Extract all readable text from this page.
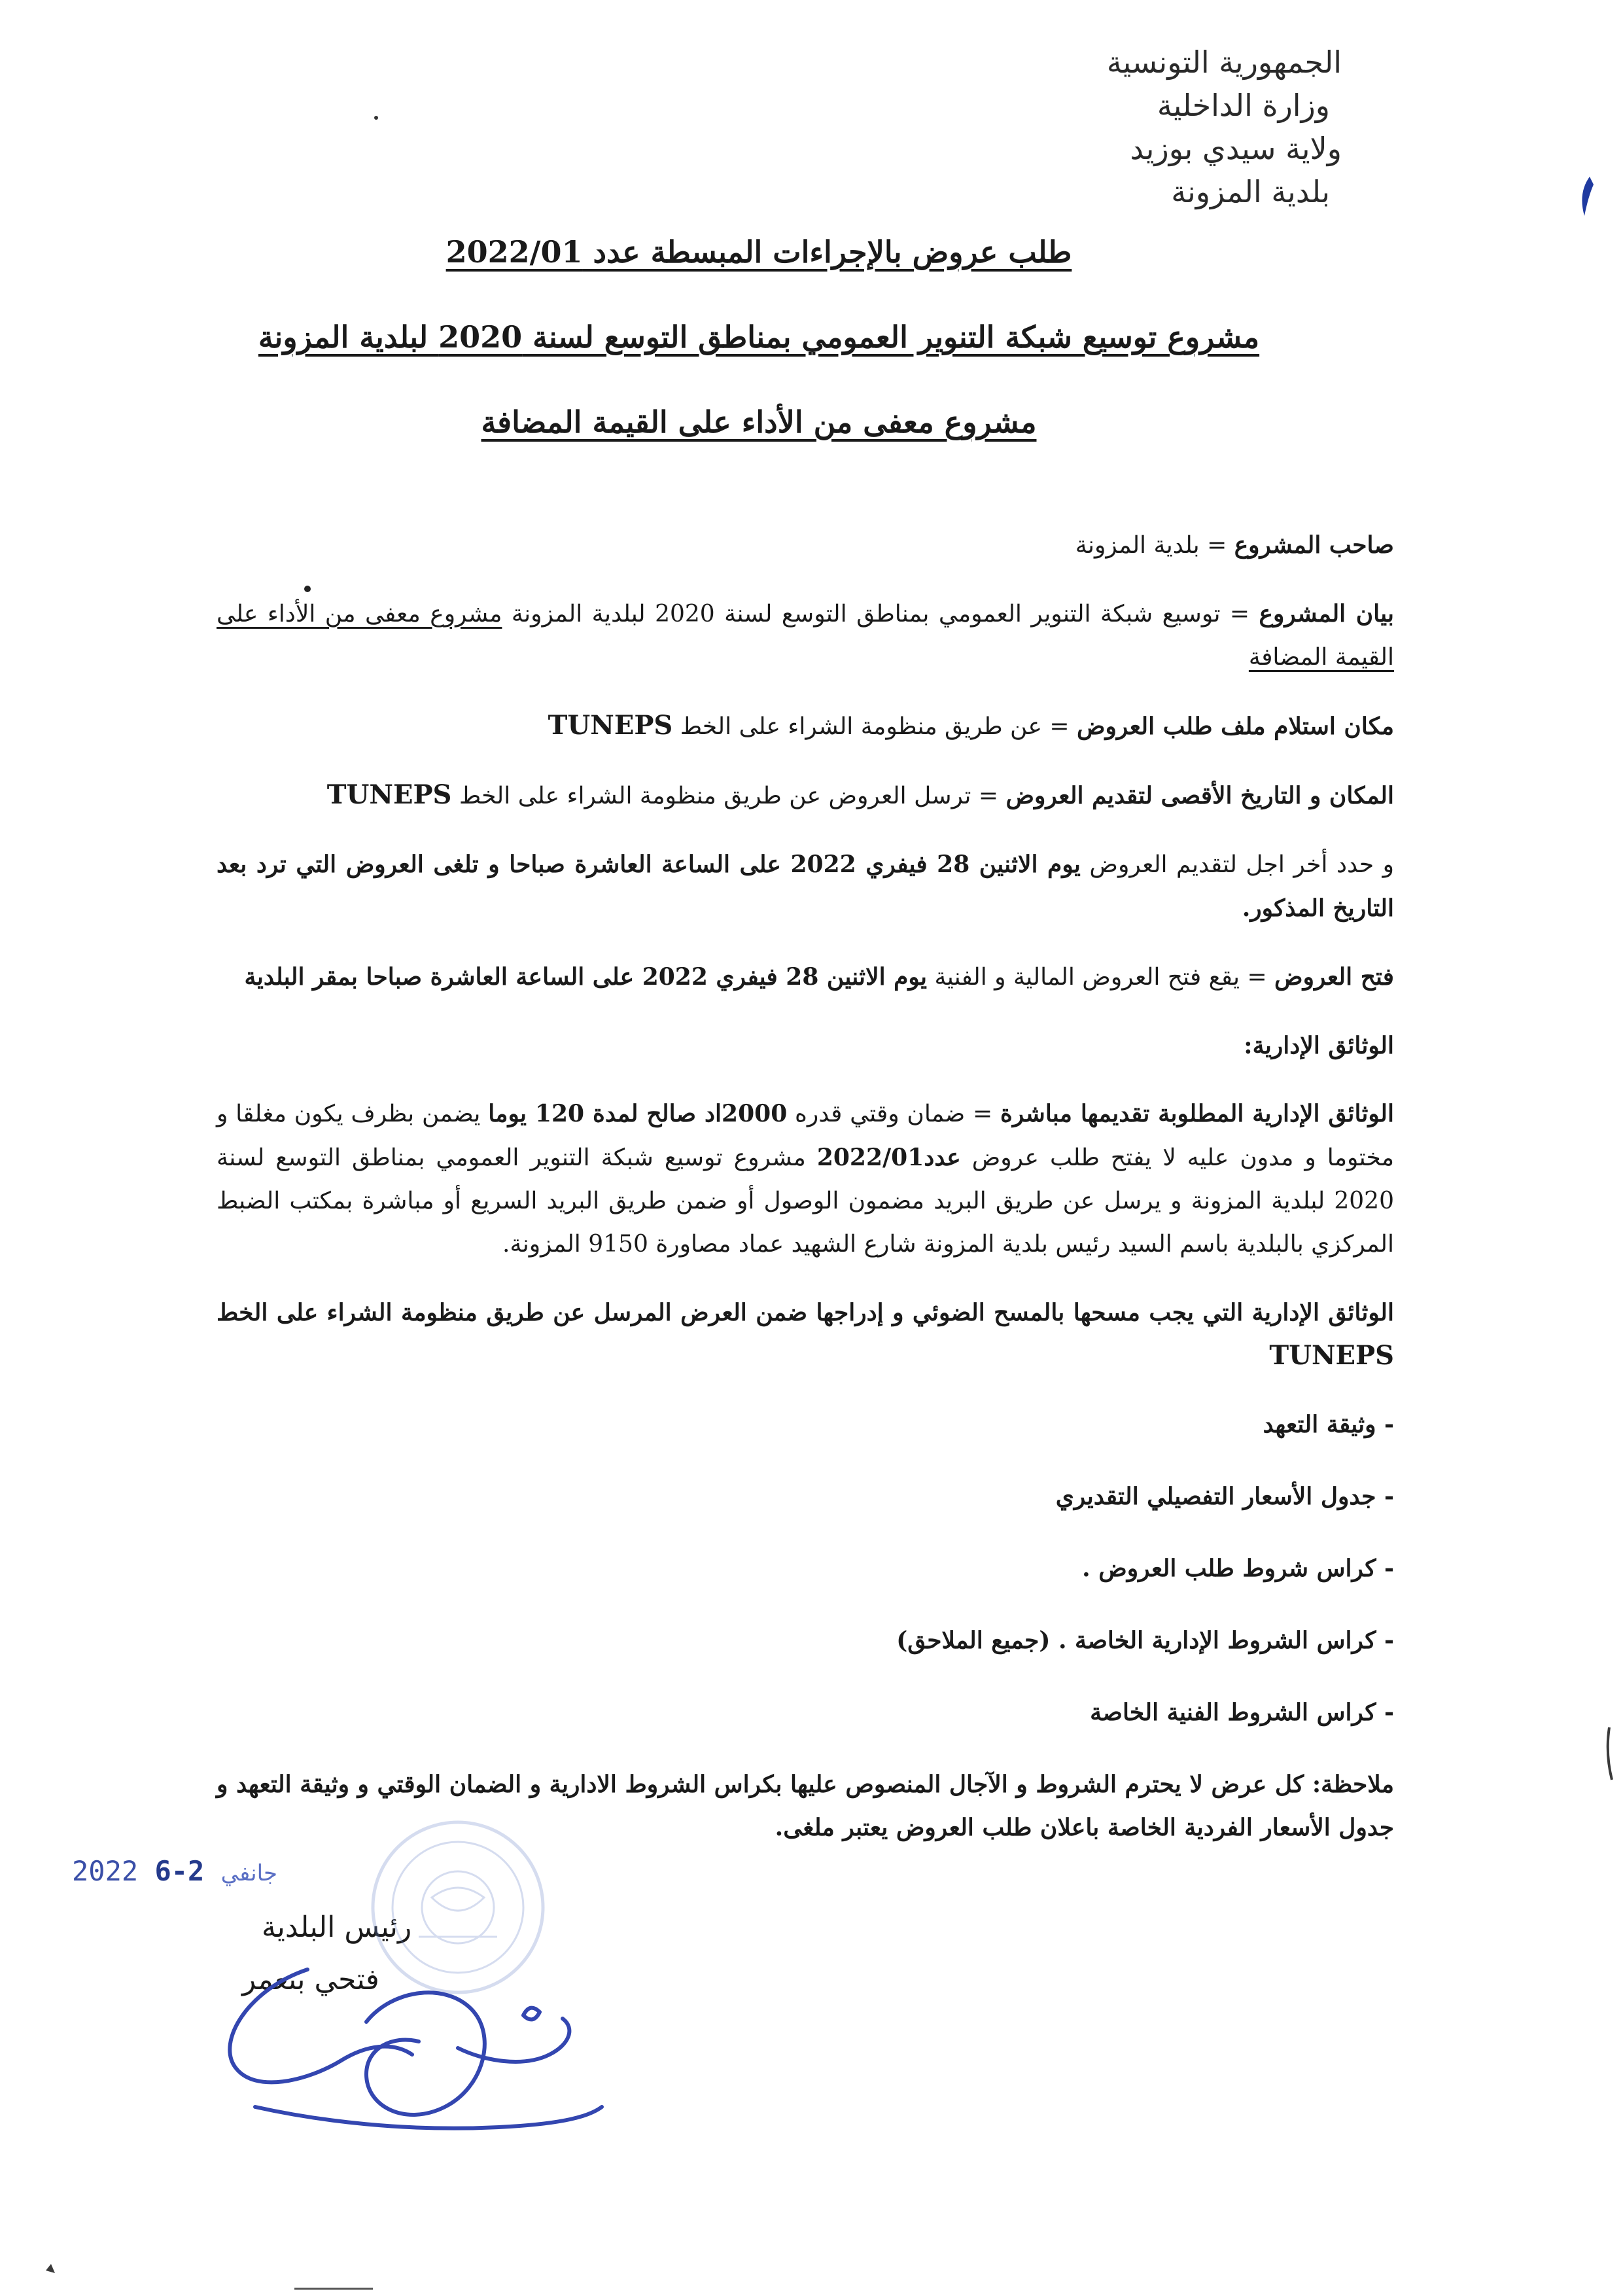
الجمهورية التونسية
وزارة الداخلية
ولاية سيدي بوزيد
بلدية المزونة
طلب عروض بالإجراءات المبسطة عدد 2022/01
مشروع توسيع شبكة التنوير العمومي بمناطق التوسع لسنة 2020 لبلدية المزونة
مشروع معفى من الأداء على القيمة المضافة

صاحب المشروع = بلدية المزونة

بيان المشروع = توسيع شبكة التنوير العمومي بمناطق التوسع لسنة 2020 لبلدية المزونة مشروع معفى من الأداء على القيمة المضافة

مكان استلام ملف طلب العروض = عن طريق منظومة الشراء على الخط TUNEPS

المكان و التاريخ الأقصى لتقديم العروض = ترسل العروض عن طريق منظومة الشراء على الخط TUNEPS

و حدد أخر اجل لتقديم العروض يوم الاثنين 28 فيفري 2022 على الساعة العاشرة صباحا و تلغى العروض التي ترد بعد التاريخ المذكور.

فتح العروض = يقع فتح العروض المالية و الفنية يوم الاثنين 28 فيفري 2022 على الساعة العاشرة صباحا بمقر البلدية

الوثائق الإدارية:

الوثائق الإدارية المطلوبة تقديمها مباشرة = ضمان وقتي قدره 2000اد صالح لمدة 120 يوما يضمن بظرف يكون مغلقا و مختوما و مدون عليه لا يفتح طلب عروض عدد2022/01 مشروع توسيع شبكة التنوير العمومي بمناطق التوسع لسنة 2020 لبلدية المزونة و يرسل عن طريق البريد مضمون الوصول أو ضمن طريق البريد السريع أو مباشرة بمكتب الضبط المركزي بالبلدية باسم السيد رئيس بلدية المزونة شارع الشهيد عماد مصاورة 9150 المزونة.

الوثائق الإدارية التي يجب مسحها بالمسح الضوئي و إدراجها ضمن العرض المرسل عن طريق منظومة الشراء على الخط TUNEPS

- وثيقة التعهد

- جدول الأسعار التفصيلي التقديري

- كراس شروط طلب العروض .

- كراس الشروط الإدارية الخاصة . (جميع الملاحق)

- كراس الشروط الفنية الخاصة

ملاحظة: كل عرض لا يحترم الشروط و الآجال المنصوص عليها بكراس الشروط الادارية و الضمان الوقتي و وثيقة التعهد و جدول الأسعار الفردية الخاصة باعلان طلب العروض يعتبر ملغى.

2022	جانفي 2-6
رئيس البلدية
فتحي بنعمر
